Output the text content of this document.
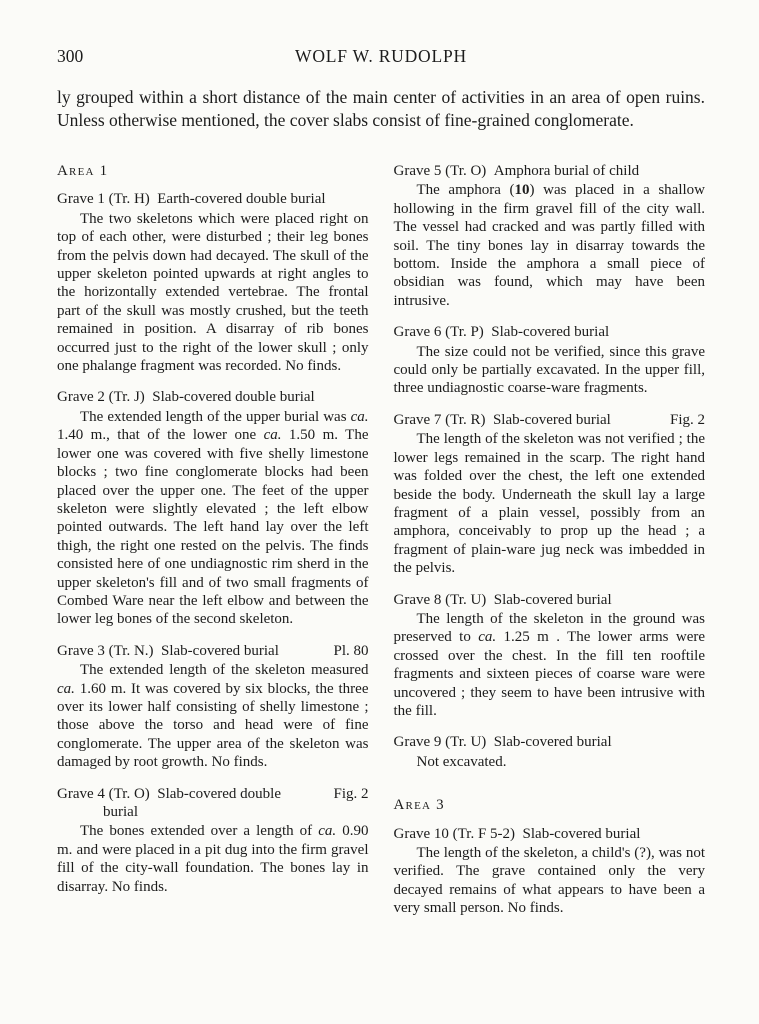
300	WOLF W. RUDOLPH

ly grouped within a short distance of the main center of activities in an area of open ruins. Unless otherwise mentioned, the cover slabs consist of fine-grained conglomerate.

Area 1

Grave 1 (Tr. H) Earth-covered double burial

The two skeletons which were placed right on top of each other, were disturbed ; their leg bones from the pelvis down had decayed. The skull of the upper skeleton pointed upwards at right angles to the horizontally extended vertebrae. The frontal part of the skull was mostly crushed, but the teeth remained in position. A disarray of rib bones occurred just to the right of the lower skull ; only one phalange fragment was recorded. No finds.

Grave 2 (Tr. J) Slab-covered double burial

The extended length of the upper burial was ca. 1.40 m., that of the lower one ca. 1.50 m. The lower one was covered with five shelly limestone blocks ; two fine conglomerate blocks had been placed over the upper one. The feet of the upper skeleton were slightly elevated ; the left elbow pointed outwards. The left hand lay over the left thigh, the right one rested on the pelvis. The finds consisted here of one undiagnostic rim sherd in the upper skeleton's fill and of two small fragments of Combed Ware near the left elbow and between the lower leg bones of the second skeleton.

Grave 3 (Tr. N.) Slab-covered burial	Pl. 80

The extended length of the skeleton measured ca. 1.60 m. It was covered by six blocks, the three over its lower half consisting of shelly limestone ; those above the torso and head were of fine conglomerate. The upper area of the skeleton was damaged by root growth. No finds.

Grave 4 (Tr. O) Slab-covered double	Fig. 2
burial

The bones extended over a length of ca. 0.90 m. and were placed in a pit dug into the firm gravel fill of the city-wall foundation. The bones lay in disarray. No finds.

Grave 5 (Tr. O) Amphora burial of child

The amphora (10) was placed in a shallow hollowing in the firm gravel fill of the city wall. The vessel had cracked and was partly filled with soil. The tiny bones lay in disarray towards the bottom. Inside the amphora a small piece of obsidian was found, which may have been intrusive.

Grave 6 (Tr. P) Slab-covered burial

The size could not be verified, since this grave could only be partially excavated. In the upper fill, three undiagnostic coarse-ware fragments.

Grave 7 (Tr. R) Slab-covered burial	Fig. 2

The length of the skeleton was not verified ; the lower legs remained in the scarp. The right hand was folded over the chest, the left one extended beside the body. Underneath the skull lay a large fragment of a plain vessel, possibly from an amphora, conceivably to prop up the head ; a fragment of plain-ware jug neck was imbedded in the pelvis.

Grave 8 (Tr. U) Slab-covered burial

The length of the skeleton in the ground was preserved to ca. 1.25 m . The lower arms were crossed over the chest. In the fill ten rooftile fragments and sixteen pieces of coarse ware were uncovered ; they seem to have been intrusive with the fill.

Grave 9 (Tr. U) Slab-covered burial

Not excavated.

Area 3

Grave 10 (Tr. F 5-2) Slab-covered burial

The length of the skeleton, a child's (?), was not verified. The grave contained only the very decayed remains of what appears to have been a very small person. No finds.
